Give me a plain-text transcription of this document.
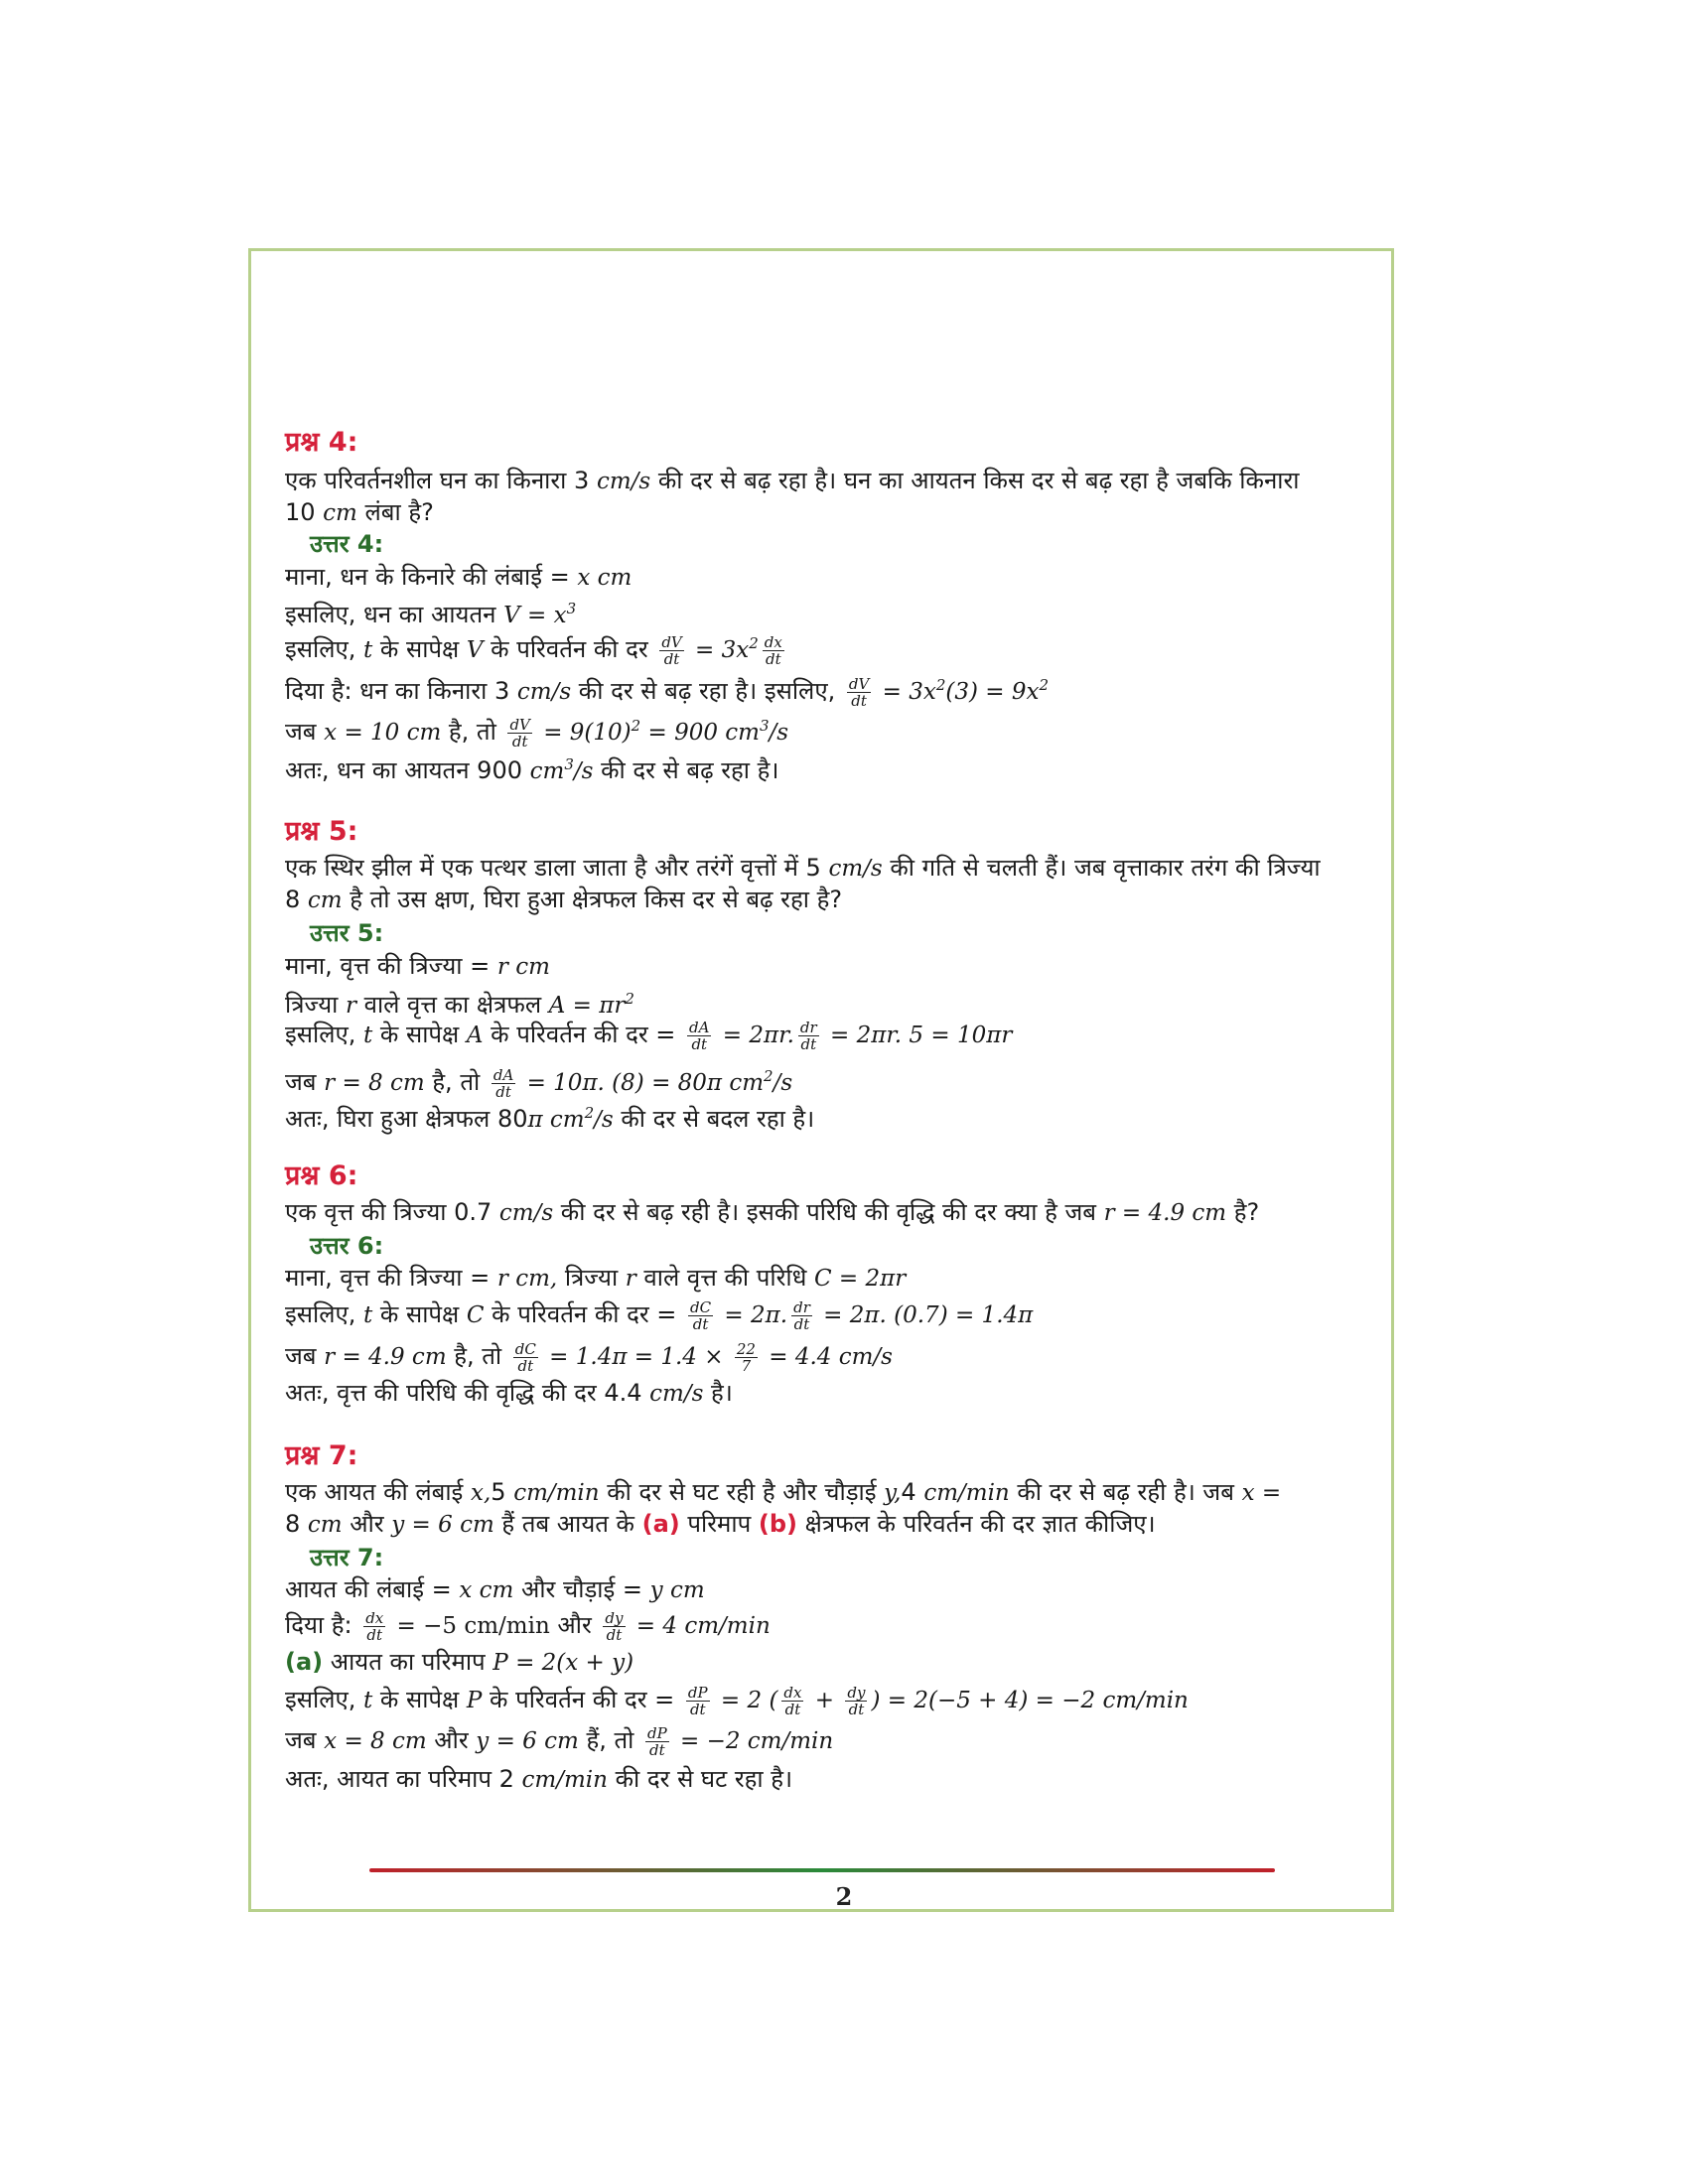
प्रश्न 4:
एक परिवर्तनशील घन का किनारा 3 cm/s की दर से बढ़ रहा है। घन का आयतन किस दर से बढ़ रहा है जबकि किनारा
10 cm लंबा है?
उत्तर 4:
माना, धन के किनारे की लंबाई = x cm
इसलिए, धन का आयतन $V = x^3$
इसलिए, t के सापेक्ष V के परिवर्तन की दर $\frac{dV}{dt} = 3x^2 \frac{dx}{dt}$
दिया है: धन का किनारा 3 cm/s की दर से बढ़ रहा है। इसलिए, $\frac{dV}{dt} = 3x^2(3) = 9x^2$
जब x = 10 cm है, तो $\frac{dV}{dt} = 9(10)^2 = 900$ $cm^3/s$
अतः, धन का आयतन 900 $cm^3/s$ की दर से बढ़ रहा है।
प्रश्न 5:
एक स्थिर झील में एक पत्थर डाला जाता है और तरंगें वृत्तों में 5 cm/s की गति से चलती हैं। जब वृत्ताकार तरंग की त्रिज्या
8 cm है तो उस क्षण, घिरा हुआ क्षेत्रफल किस दर से बढ़ रहा है?
उत्तर 5:
माना, वृत्त की त्रिज्या = r cm
त्रिज्या r वाले वृत्त का क्षेत्रफल $A = \pi r^2$
इसलिए, t के सापेक्ष A के परिवर्तन की दर = $\frac{dA}{dt} = 2\pi r$. $\frac{dr}{dt} = 2\pi r$. 5 = 10πr
जब r = 8 cm है, तो $\frac{dA}{dt} = 10\pi$. (8) = 80π $cm^2/s$
अतः, घिरा हुआ क्षेत्रफल 80π $cm^2/s$ की दर से बदल रहा है।
प्रश्न 6:
एक वृत्त की त्रिज्या 0.7 cm/s की दर से बढ़ रही है। इसकी परिधि की वृद्धि की दर क्या है जब r = 4.9 cm है?
उत्तर 6:
माना, वृत्त की त्रिज्या = r cm, त्रिज्या r वाले वृत्त की परिधि C = 2πr
इसलिए, t के सापेक्ष C के परिवर्तन की दर = $\frac{dC}{dt} = 2\pi$. $\frac{dr}{dt} = 2\pi$. (0.7) = 1.4π
जब r = 4.9 cm है, तो $\frac{dC}{dt} = 1.4\pi = 1.4 \times \frac{22}{7} = 4.4$ cm/s
अतः, वृत्त की परिधि की वृद्धि की दर 4.4 cm/s है।
प्रश्न 7:
एक आयत की लंबाई x,5 cm/min की दर से घट रही है और चौड़ाई y,4 cm/min की दर से बढ़ रही है। जब x =
8 cm और y = 6 cm हैं तब आयत के (a) परिमाप (b) क्षेत्रफल के परिवर्तन की दर ज्ञात कीजिए।
उत्तर 7:
आयत की लंबाई = x cm और चौड़ाई = y cm
दिया है: $\frac{dx}{dt} = -5$ cm/min और $\frac{dy}{dt} = 4$ cm/min
(a) आयत का परिमाप P = 2(x + y)
इसलिए, t के सापेक्ष P के परिवर्तन की दर = $\frac{dP}{dt} = 2$ ( $\frac{dx}{dt} + \frac{dy}{dt}$ ) = 2(−5 + 4) = −2 cm/min
जब x = 8 cm और y = 6 cm हैं, तो $\frac{dP}{dt} = -2$ cm/min
अतः, आयत का परिमाप 2 cm/min की दर से घट रहा है।
2
